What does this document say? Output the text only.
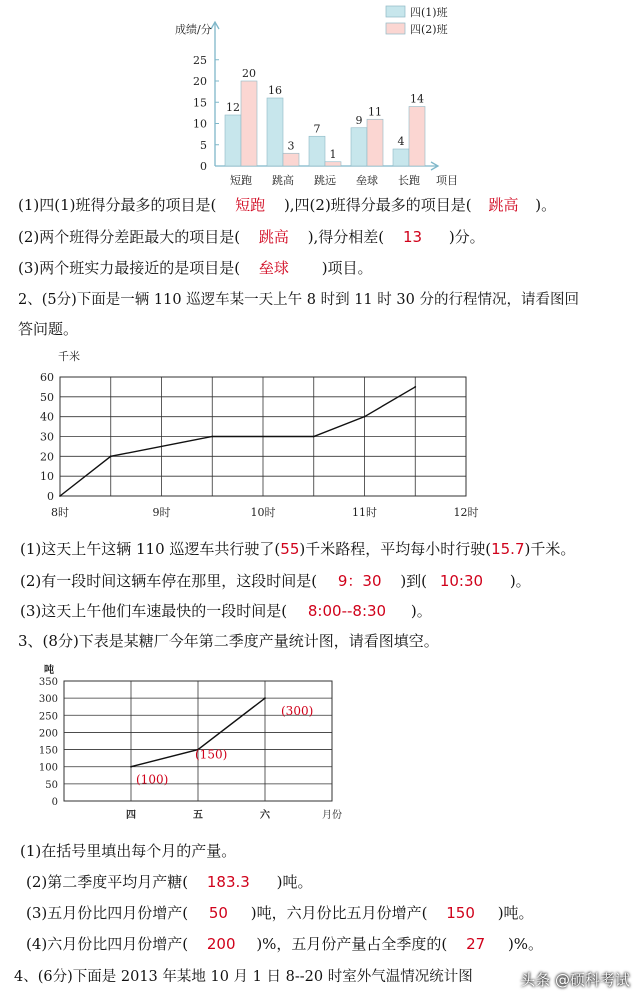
成绩/分
项目
0
5
10
15
20
25
12
20
短跑
16
3
跳高
7
1
跳远
9
11
垒球
4
14
长跑
四(1)班
四(2)班
(1)四(1)班得分最多的项目是( 短跑 ),四(2)班得分最多的项目是( 跳高 )。
(2)两个班得分差距最大的项目是( 跳高 ),得分相差( 13 )分。
(3)两个班实力最接近的是项目是( 垒球 )项目。
2、(5分)下面是一辆 110 巡逻车某一天上午 8 时到 11 时 30 分的行程情况，请看图回
答问题。
0
10
20
30
40
50
60
8时	9时	10时	11时	12时
千米
(1)这天上午这辆 110 巡逻车共行驶了(55)千米路程，平均每小时行驶(15.7)千米。
(2)有一段时间这辆车停在那里，这段时间是( 9：30 )到( 10:30 )。
(3)这天上午他们车速最快的一段时间是( 8:00--8:30 )。
3、(8分)下表是某糖厂今年第二季度产量统计图，请看图填空。
0
50
100
150
200
250
300
350
四	五	六	月份
吨
(100)
(150)
(300)
(1)在括号里填出每个月的产量。
(2)第二季度平均月产糖( 183.3 )吨。
(3)五月份比四月份增产( 50 )吨，六月份比五月份增产( 150 )吨。
(4)六月份比四月份增产( 200 )%，五月份产量占全季度的( 27 )%。
4、(6分)下面是 2013 年某地 10 月 1 日 8--20 时室外气温情况统计图	头条 @硕科考试
